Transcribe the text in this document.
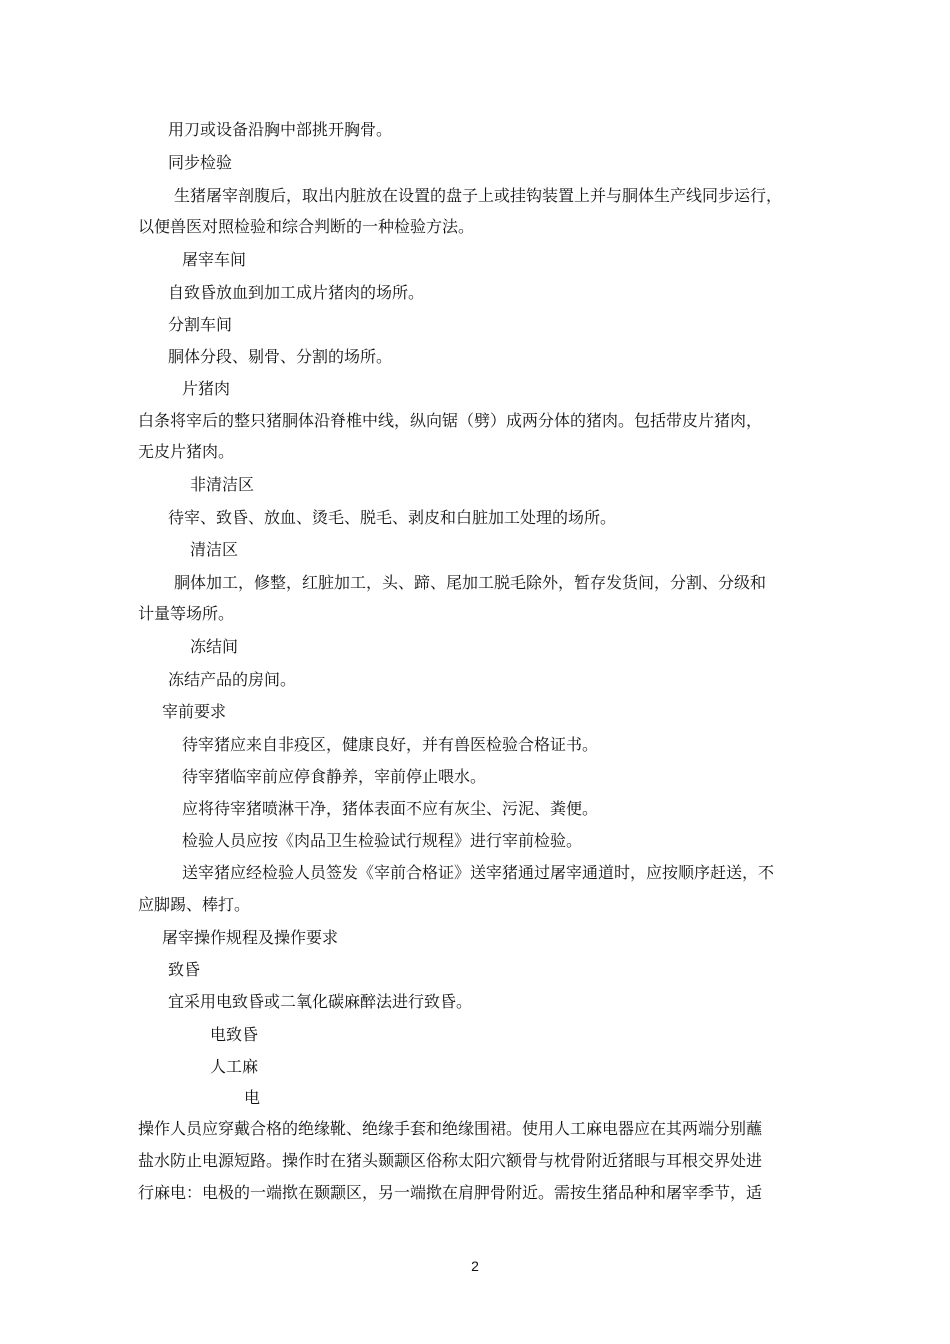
用刀或设备沿胸中部挑开胸骨。

同步检验

生猪屠宰剖腹后，取出内脏放在设置的盘子上或挂钩装置上并与胴体生产线同步运行，

以便兽医对照检验和综合判断的一种检验方法。

屠宰车间

自致昏放血到加工成片猪肉的场所。

分割车间

胴体分段、剔骨、分割的场所。

片猪肉

白条将宰后的整只猪胴体沿脊椎中线，纵向锯（劈）成两分体的猪肉。包括带皮片猪肉，

无皮片猪肉。

非清洁区

待宰、致昏、放血、烫毛、脱毛、剥皮和白脏加工处理的场所。

清洁区

胴体加工，修整，红脏加工，头、蹄、尾加工脱毛除外，暂存发货间，分割、分级和

计量等场所。

冻结间

冻结产品的房间。

宰前要求

待宰猪应来自非疫区，健康良好，并有兽医检验合格证书。

待宰猪临宰前应停食静养，宰前停止喂水。

应将待宰猪喷淋干净，猪体表面不应有灰尘、污泥、粪便。

检验人员应按《肉品卫生检验试行规程》进行宰前检验。

送宰猪应经检验人员签发《宰前合格证》送宰猪通过屠宰通道时，应按顺序赶送，不

应脚踢、棒打。

屠宰操作规程及操作要求

致昏

宜采用电致昏或二氧化碳麻醉法进行致昏。

电致昏

人工麻

电

操作人员应穿戴合格的绝缘靴、绝缘手套和绝缘围裙。使用人工麻电器应在其两端分别蘸

盐水防止电源短路。操作时在猪头颞颥区俗称太阳穴额骨与枕骨附近猪眼与耳根交界处进

行麻电：电极的一端揿在颞颥区，另一端揿在肩胛骨附近。需按生猪品种和屠宰季节，适

2
